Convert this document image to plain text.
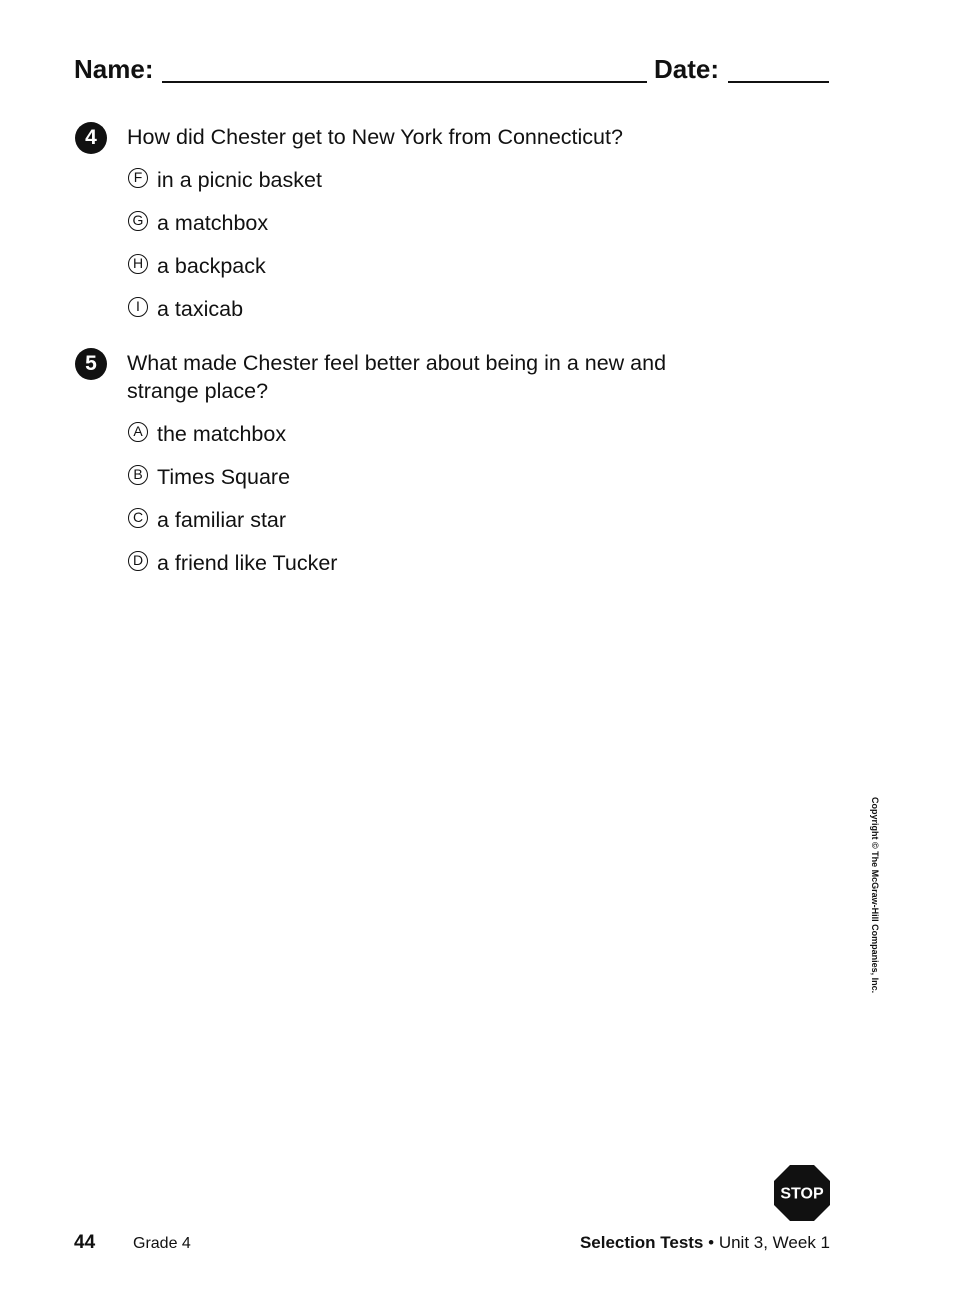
Name:	Date:
4	How did Chester get to New York from Connecticut?
F in a picnic basket
G a matchbox
H a backpack
I a taxicab
5	What made Chester feel better about being in a new and
strange place?
A the matchbox
B Times Square
C a familiar star
D a friend like Tucker
Copyright © The McGraw-Hill Companies, Inc.
STOP
44 Grade 4	Selection Tests • Unit 3, Week 1
